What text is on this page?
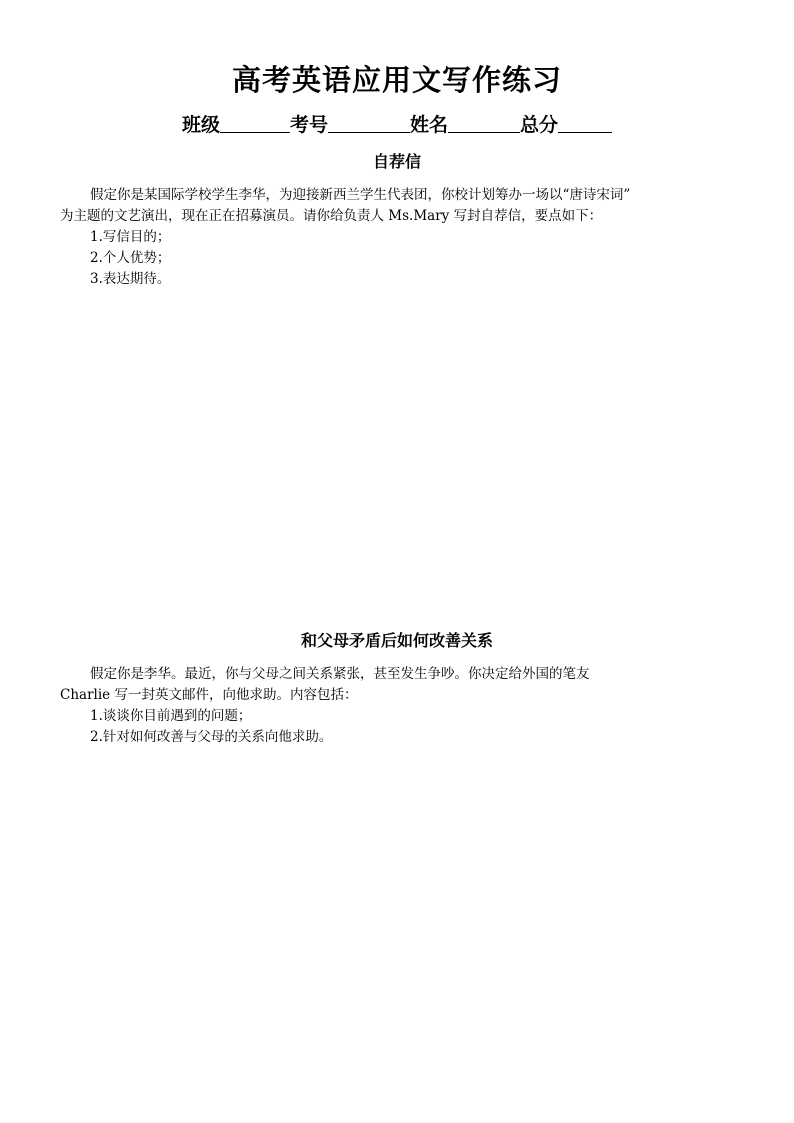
高考英语应用文写作练习
班级	考号	姓名	总分
自荐信
假定你是某国际学校学生李华，为迎接新西兰学生代表团，你校计划筹办一场以“唐诗宋词”
为主题的文艺演出，现在正在招募演员。请你给负责人 Ms.Mary 写封自荐信，要点如下：
1.写信目的；
2.个人优势；
3.表达期待。
和父母矛盾后如何改善关系
假定你是李华。最近，你与父母之间关系紧张，甚至发生争吵。你决定给外国的笔友
Charlie 写一封英文邮件，向他求助。内容包括：
1.谈谈你目前遇到的问题；
2.针对如何改善与父母的关系向他求助。
